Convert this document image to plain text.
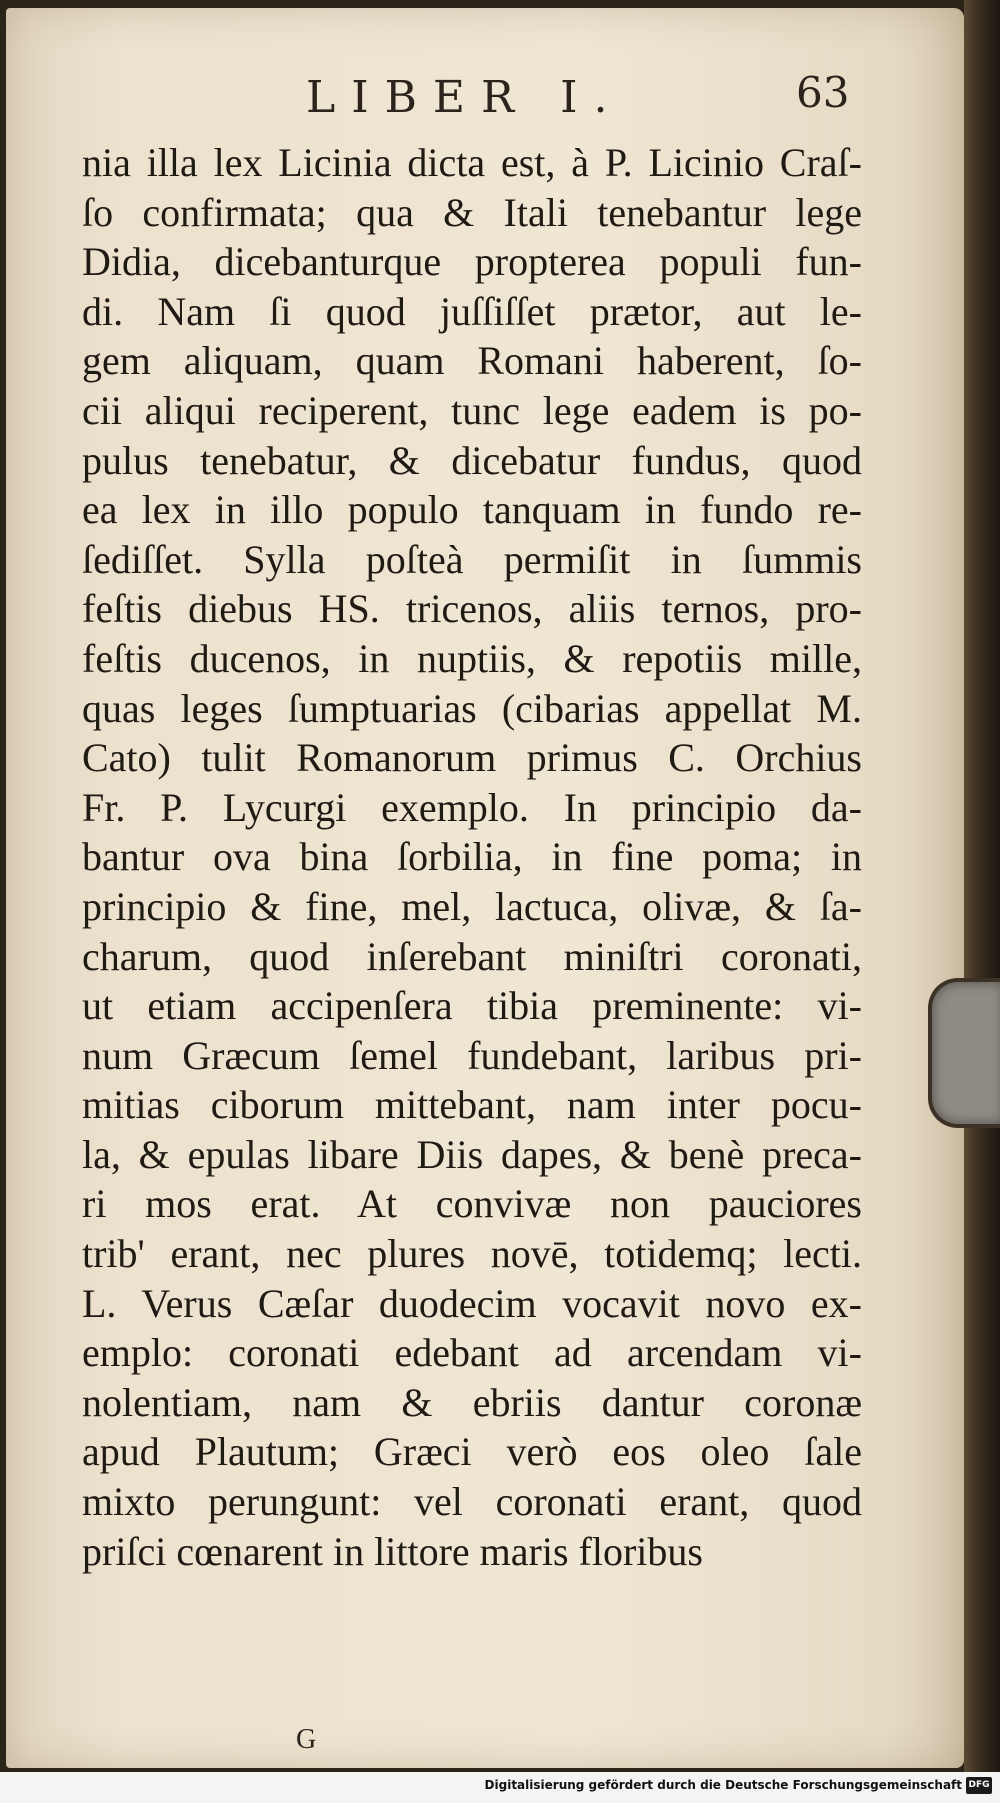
LIBER I.	63
nia illa lex Licinia dicta est, à P. Licinio Craſ-
ſo confirmata; qua & Itali tenebantur lege
Didia, dicebanturque propterea populi fun-
di. Nam ſi quod juſſiſſet prætor, aut le-
gem aliquam, quam Romani haberent, ſo-
cii aliqui reciperent, tunc lege eadem is po-
pulus tenebatur, & dicebatur fundus, quod
ea lex in illo populo tanquam in fundo re-
ſediſſet. Sylla poſteà permiſit in ſummis
feſtis diebus HS. tricenos, aliis ternos, pro-
feſtis ducenos, in nuptiis, & repotiis mille,
quas leges ſumptuarias (cibarias appellat M.
Cato) tulit Romanorum primus C. Orchius
Fr. P. Lycurgi exemplo. In principio da-
bantur ova bina ſorbilia, in fine poma; in
principio & fine, mel, lactuca, olivæ, & ſa-
charum, quod inſerebant miniſtri coronati,
ut etiam accipenſera tibia preminente: vi-
num Græcum ſemel fundebant, laribus pri-
mitias ciborum mittebant, nam inter pocu-
la, & epulas libare Diis dapes, & benè preca-
ri mos erat. At convivæ non pauciores
trib' erant, nec plures novē, totidemq; lecti.
L. Verus Cæſar duodecim vocavit novo ex-
emplo: coronati edebant ad arcendam vi-
nolentiam, nam & ebriis dantur coronæ
apud Plautum; Græci verò eos oleo ſale
mixto perungunt: vel coronati erant, quod
priſci cœnarent in littore maris floribus
G
Digitalisierung gefördert durch die Deutsche Forschungsgemeinschaft DFG
